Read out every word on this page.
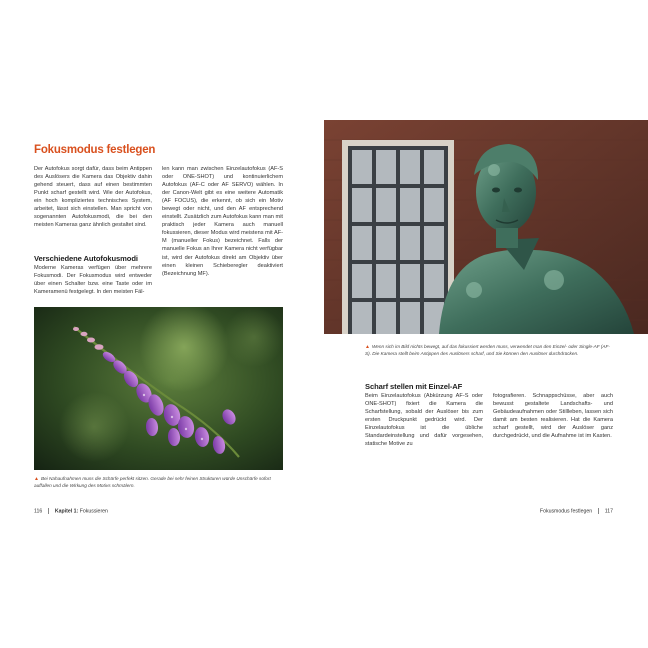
Fokusmodus festlegen
Der Autofokus sorgt dafür, dass beim Antippen des Auslösers die Kamera das Objektiv dahin gehend steuert, dass auf einen bestimmten Punkt scharf gestellt wird. Wie der Autofokus, ein hoch kompliziertes technisches System, arbeitet, lässt sich einstellen. Man spricht von sogenannten Autofokusmodi, die bei den meisten Kameras ganz ähnlich gestaltet sind.
Verschiedene Autofokusmodi
Moderne Kameras verfügen über mehrere Fokusmodi. Der Fokusmodus wird entweder über einen Schalter bzw. eine Taste oder im Kameramenü festgelegt. In den meisten Fäl-
len kann man zwischen Einzelautofokus (AF-S oder ONE-SHOT) und kontinuierlichem Autofokus (AF-C oder AF SERVO) wählen. In der Canon-Welt gibt es eine weitere Automatik (AF FOCUS), die erkennt, ob sich ein Motiv bewegt oder nicht, und den AF entsprechend einstellt. Zusätzlich zum Autofokus kann man mit praktisch jeder Kamera auch manuell fokussieren, dieser Modus wird meistens mit AF-M (manueller Fokus) bezeichnet. Falls der manuelle Fokus an Ihrer Kamera nicht verfügbar ist, wird der Autofokus direkt am Objektiv über einen kleinen Schieberegler deaktiviert (Bezeichnung MF).
▲ Bei Nahaufnahmen muss die Schärfe perfekt sitzen. Gerade bei sehr feinen Strukturen würde Unschärfe sofort auffallen und die Wirkung des Motivs schmälern.
116 Kapitel 1: Fokussieren
▲ Wenn sich im Bild nichts bewegt, auf das fokussiert werden muss, verwendet man den Einzel- oder Single-AF (AF-S). Die Kamera stellt beim Antippen des Auslösers scharf, und Sie können den Auslöser durchdrücken.
Scharf stellen mit Einzel-AF
Beim Einzelautofokus (Abkürzung AF-S oder ONE-SHOT) fixiert die Kamera die Scharfstellung, sobald der Auslöser bis zum ersten Druckpunkt gedrückt wird. Der Einzelautofokus ist die übliche Standardeinstellung und dafür vorgesehen, statische Motive zu
fotografieren. Schnappschüsse, aber auch bewusst gestaltete Landschafts- und Gebäudeaufnahmen oder Stillleben, lassen sich damit am besten realisieren. Hat die Kamera scharf gestellt, wird der Auslöser ganz durchgedrückt, und die Aufnahme ist im Kasten.
Fokusmodus festlegen 117
